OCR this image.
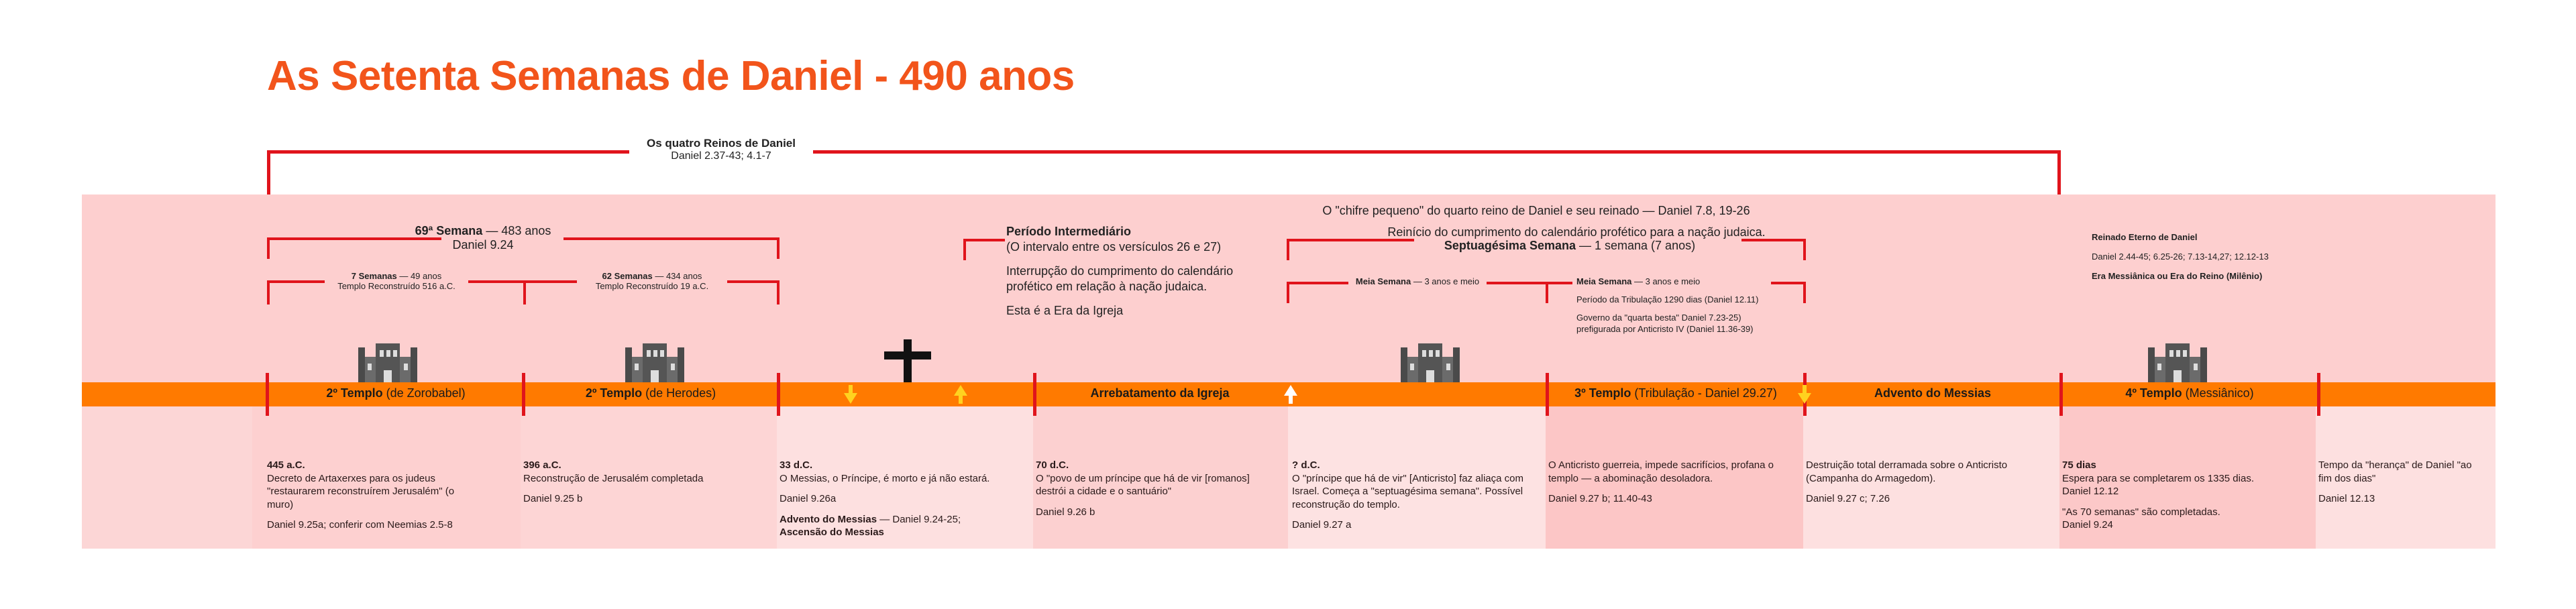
As Setenta Semanas de Daniel - 490 anos
Os quatro Reinos de Daniel
Daniel 2.37-43; 4.1-7
69ª Semana — 483 anos
Daniel 9.24
7 Semanas — 49 anos
Templo Reconstruído 516 a.C.
62 Semanas — 434 anos
Templo Reconstruído 19 a.C.
Período Intermediário
(O intervalo entre os versículos 26 e 27)
Interrupção do cumprimento do calendário
profético em relação à nação judaica.
Esta é a Era da Igreja
O "chifre pequeno" do quarto reino de Daniel e seu reinado — Daniel 7.8, 19-26
Reinício do cumprimento do calendário profético para a nação judaica.
Septuagésima Semana — 1 semana (7 anos)
Meia Semana — 3 anos e meio	Meia Semana — 3 anos e meio
Período da Tribulação 1290 dias (Daniel 12.11)
Governo da "quarta besta" Daniel 7.23-25)
prefigurada por Anticristo IV (Daniel 11.36-39)
Reinado Eterno de Daniel
Daniel 2.44-45; 6.25-26; 7.13-14,27; 12.12-13
Era Messiânica ou Era do Reino (Milênio)
2º Templo (de Zorobabel)	2º Templo (de Herodes)	Arrebatamento da Igreja	3º Templo (Tribulação - Daniel 29.27)	Advento do Messias	4º Templo (Messiânico)
445 a.C.

Decreto de Artaxerxes para os judeus "restaurarem reconstruírem Jerusalém" (o muro)

Daniel 9.25a; conferir com Neemias 2.5-8

396 a.C.

Reconstrução de Jerusalém completada

Daniel 9.25 b

33 d.C.

O Messias, o Príncipe, é morto e já não estará.

Daniel 9.26a

Advento do Messias — Daniel 9.24-25;
Ascensão do Messias
70 d.C.

O "povo de um príncipe que há de vir [romanos] destrói a cidade e o santuário"

Daniel 9.26 b

? d.C.

O "príncipe que há de vir" [Anticristo] faz aliaça com Israel. Começa a "septuagésima semana". Possível reconstrução do templo.

Daniel 9.27 a

O Anticristo guerreia, impede sacrifícios, profana o templo — a abominação desoladora.

Daniel 9.27 b; 11.40-43

Destruição total derramada sobre o Anticristo (Campanha do Armagedom).

Daniel 9.27 c; 7.26

75 dias
Espera para se completarem os 1335 dias.

Daniel 12.12

"As 70 semanas" são completadas.
Daniel 9.24

Tempo da "herança" de Daniel "ao fim dos dias"

Daniel 12.13
